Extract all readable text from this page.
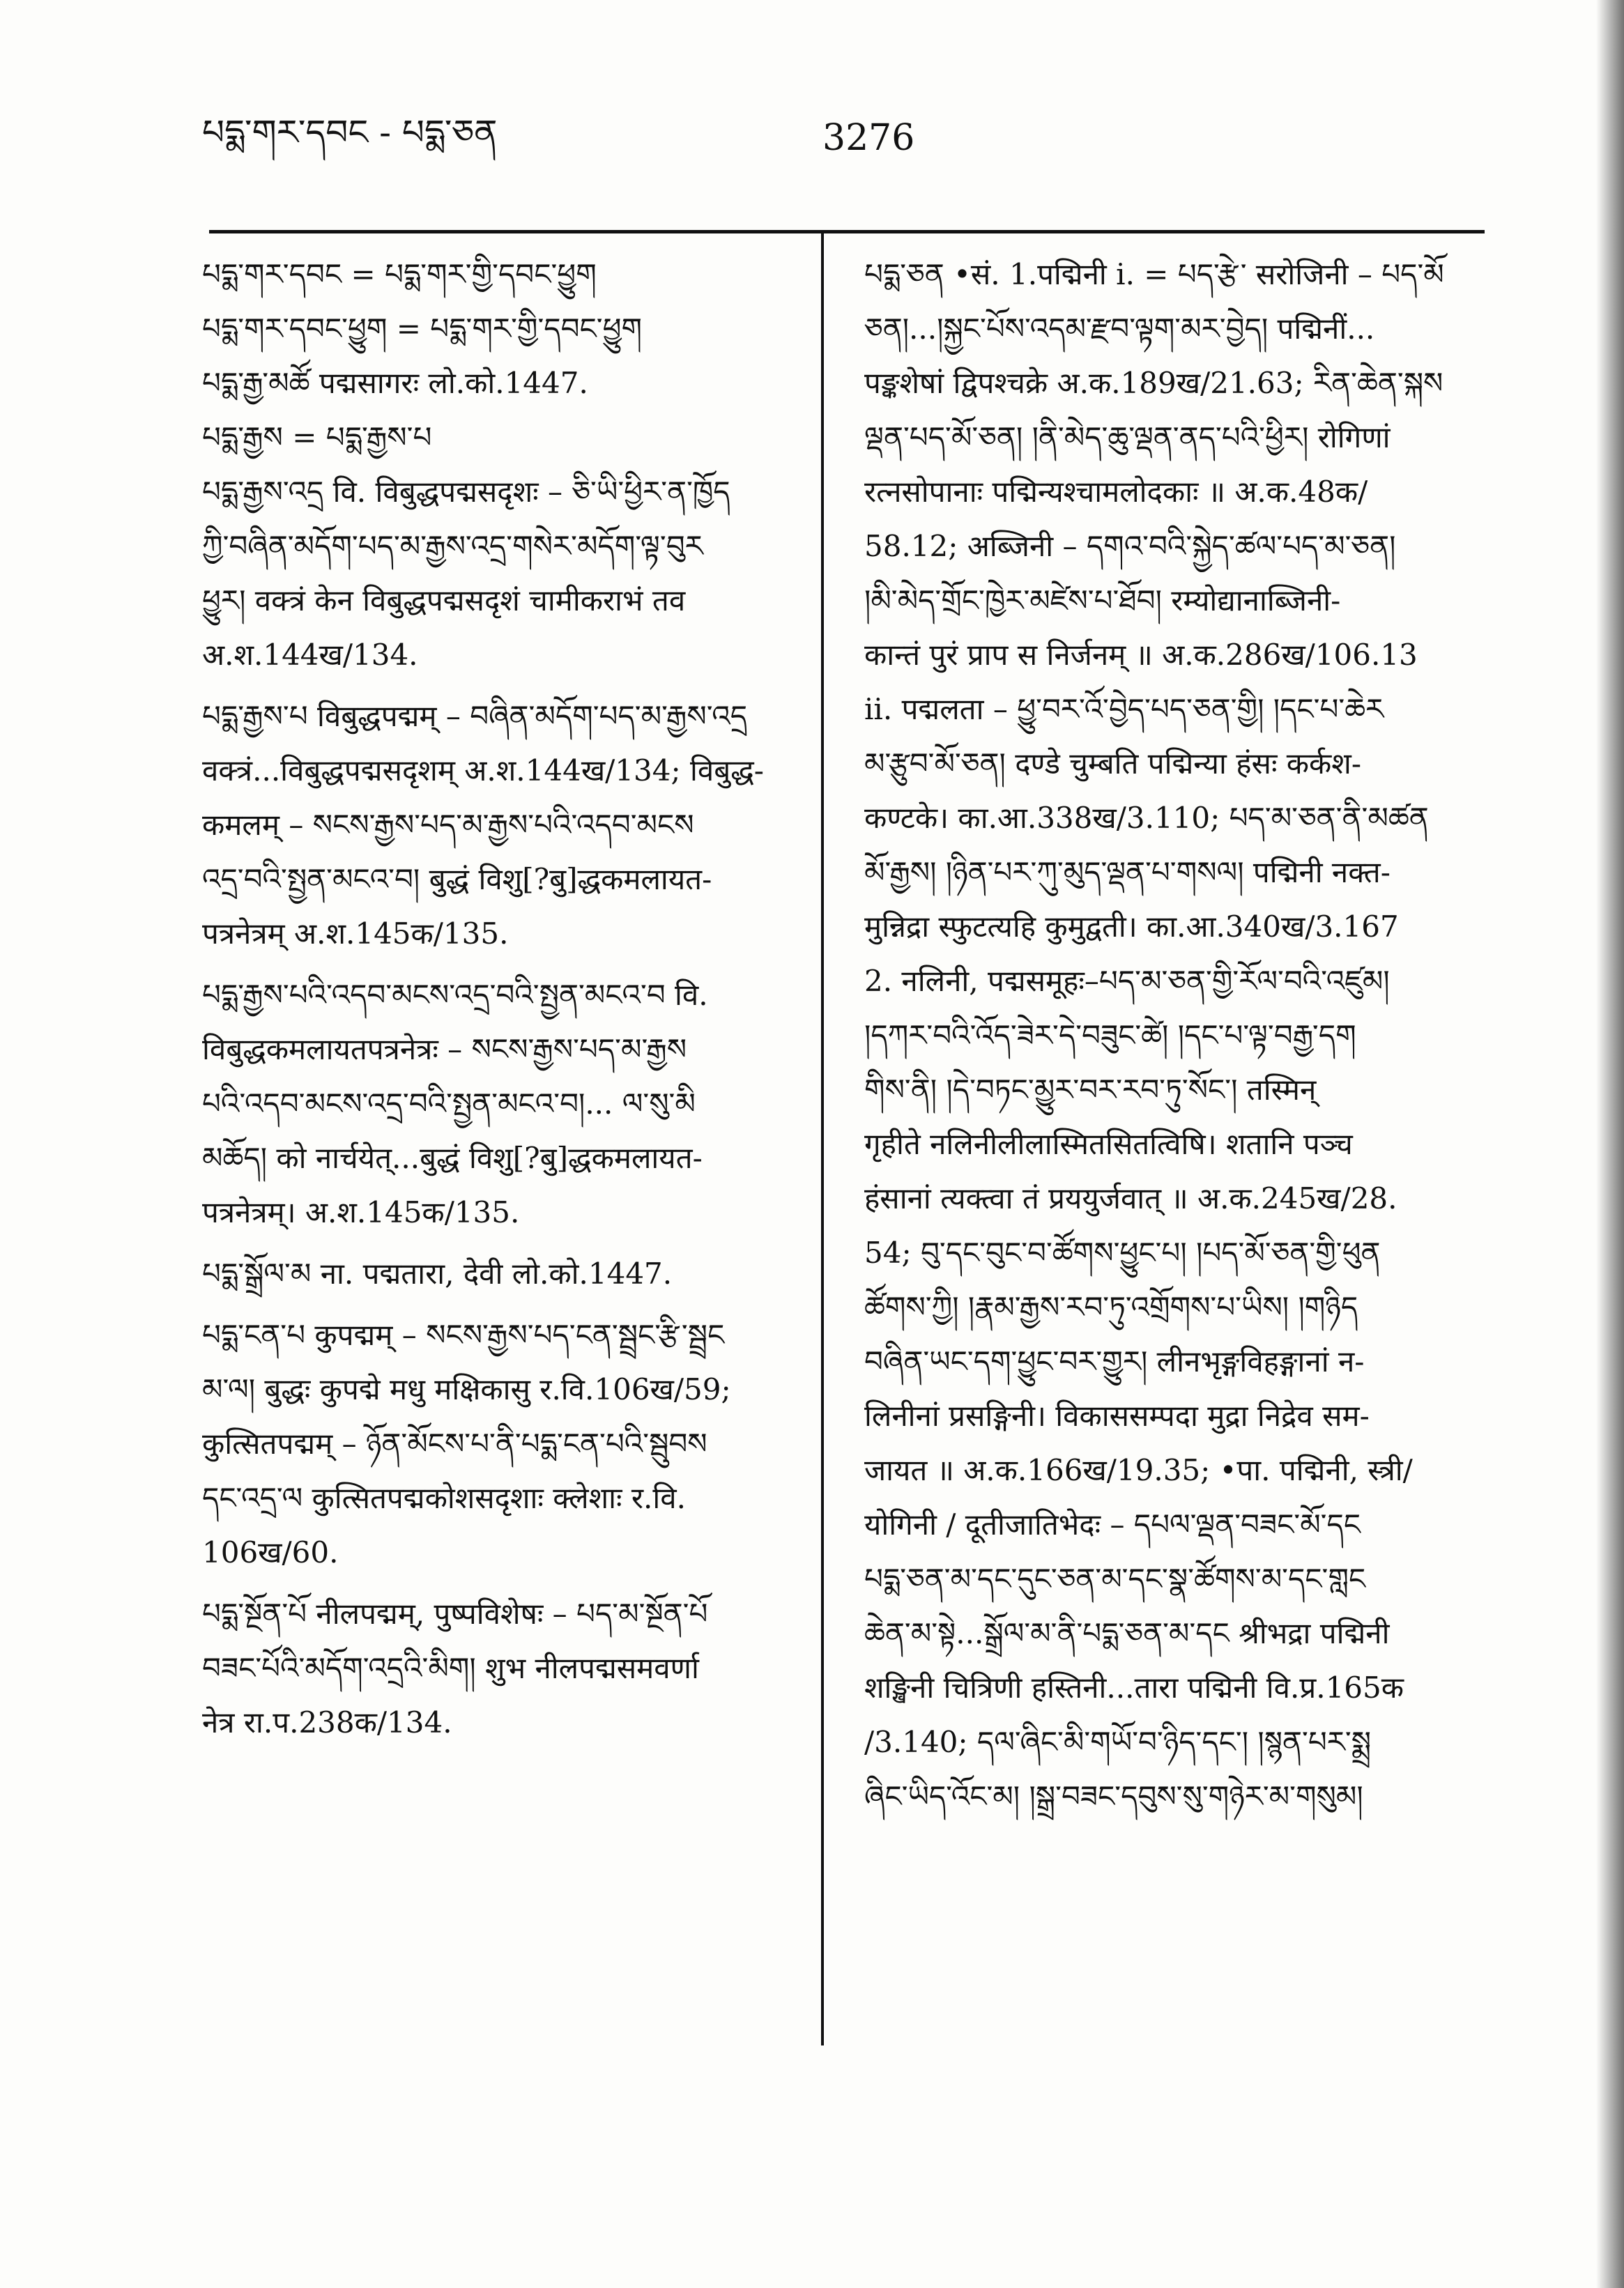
པདྨ་གར་དབང - པདྨ་ཅན	3276
པདྨ་གར་དབང = པདྨ་གར་གྱི་དབང་ཕྱུག
པདྨ་གར་དབང་ཕྱུག = པདྨ་གར་གྱི་དབང་ཕྱུག
པདྨ་རྒྱ་མཚོ पद्मसागरः लो.को.1447.
པདྨ་རྒྱས = པདྨ་རྒྱས་པ
པདྨ་རྒྱས་འདྲ वि. विबुद्धपद्मसदृशः – ཅི་ཡི་ཕྱིར་ན་ཁྱོད
ཀྱི་བཞིན་མདོག་པད་མ་རྒྱས་འདྲ་གསེར་མདོག་ལྟ་བུར
ཕྱུར། वक्त्रं केन विबुद्धपद्मसदृशं चामीकराभं तव
अ.श.144ख/134.
པདྨ་རྒྱས་པ विबुद्धपद्मम् – བཞིན་མདོག་པད་མ་རྒྱས་འདྲ
वक्त्रं...विबुद्धपद्मसदृशम् अ.श.144ख/134; विबुद्ध-
कमलम् – སངས་རྒྱས་པད་མ་རྒྱས་པའི་འདབ་མངས
འདྲ་བའི་སྤྱན་མངའ་བ། बुद्धं विशु[?बु]द्धकमलायत-
पत्रनेत्रम् अ.श.145क/135.
པདྨ་རྒྱས་པའི་འདབ་མངས་འདྲ་བའི་སྤྱན་མངའ་བ वि.
विबुद्धकमलायतपत्रनेत्रः – སངས་རྒྱས་པད་མ་རྒྱས
པའི་འདབ་མངས་འདྲ་བའི་སྤྱན་མངའ་བ།... ལ་སུ་མི
མཆོད། को नार्चयेत्...बुद्धं विशु[?बु]द्धकमलायत-
पत्रनेत्रम्। अ.श.145क/135.
པདྨ་སྒྲོལ་མ ना. पद्मतारा, देवी लो.को.1447.
པདྨ་ངན་པ कुपद्मम् – སངས་རྒྱས་པད་ངན་སྦྲང་རྩི་སྦྲང
མ་ལ། बुद्धः कुपद्मे मधु मक्षिकासु र.वि.106ख/59;
कुत्सितपद्मम् – ཉོན་མོངས་པ་ནི་པདྨ་ངན་པའི་སྦུབས
དང་འདྲ་ལ कुत्सितपद्मकोशसदृशाः क्लेशाः र.वि.
106ख/60.
པདྨ་སྔོན་པོ नीलपद्मम्, पुष्पविशेषः – པད་མ་སྔོན་པོ
བཟང་པོའི་མདོག་འདྲའི་མིག། शुभ नीलपद्मसमवर्णा
नेत्र रा.प.238क/134.
པདྨ་ཅན •सं. 1.पद्मिनी i. = པད་རྩེ་ सरोजिनी – པད་མོ
ཅན།...།སྐྱང་པོས་འདམ་རྫབ་ལྟག་མར་བྱེད། पद्मिनीं...
पङ्कशेषां द्विपश्चक्रे अ.क.189ख/21.63; རིན་ཆེན་སྐས
ལྡན་པད་མོ་ཅན། །ནི་མེད་ཆུ་ལྡན་ནད་པའི་ཕྱིར། रोगिणां
रत्नसोपानाः पद्मिन्यश्चामलोदकाः ॥ अ.क.48क/
58.12; अब्जिनी – དགའ་བའི་སྐྱེད་ཚལ་པད་མ་ཅན།
།མི་མེད་གྲོང་ཁྱེར་མཛེས་པ་ཐོབ། रम्योद्यानाब्जिनी-
कान्तं पुरं प्राप स निर्जनम् ॥ अ.क.286ख/106.13
ii. पद्मलता – ཕྱུ་བར་འོ་བྱེད་པད་ཅན་གྱི། །དང་པ་ཆེར
མ་རྩུབ་མོ་ཅན། दण्डे चुम्बति पद्मिन्या हंसः कर्कश-
कण्टके। का.आ.338ख/3.110; པད་མ་ཅན་ནི་མཚན
མོ་རྒྱས། །ཉིན་པར་ཀུ་མུད་ལྡན་པ་གསལ། पद्मिनी नक्त-
मुन्निद्रा स्फुटत्यहि कुमुद्वती। का.आ.340ख/3.167
2. नलिनी, पद्मसमूहः–པད་མ་ཅན་གྱི་རོལ་བའི་འཛུམ།
།དཀར་བའི་འོད་ཟེར་དེ་བཟུང་ཚེ། །དང་པ་ལྟ་བརྒྱ་དག
གིས་ནི། །དེ་བཏང་མྱུར་བར་རབ་ཏུ་སོང་། तस्मिन्
गृहीते नलिनीलीलास्मितसितत्विषि। शतानि पञ्च
हंसानां त्यक्त्वा तं प्रययुर्जवात् ॥ अ.क.245ख/28.
54; བུ་དང་བུང་བ་ཚོགས་ཕྱུང་པ། །པད་མོ་ཅན་གྱི་ཕུན
ཚོགས་ཀྱི། །རྣམ་རྒྱས་རབ་ཏུ་འགྲོགས་པ་ཡིས། །གཉིད
བཞིན་ཡང་དག་ཕྱུང་བར་གྱུར། लीनभृङ्गविहङ्गानां न-
लिनीनां प्रसङ्गिनी। विकाससम्पदा मुद्रा निद्रेव सम-
जायत ॥ अ.क.166ख/19.35; •पा. पद्मिनी, स्त्री/
योगिनी / दूतीजातिभेदः – དཔལ་ལྡན་བཟང་མོ་དང
པདྨ་ཅན་མ་དང་དུང་ཅན་མ་དང་སྣ་ཚོགས་མ་དང་གླང
ཆེན་མ་སྟེ...སྒྲོལ་མ་ནི་པདྨ་ཅན་མ་དང श्रीभद्रा पद्मिनी
शङ्खिनी चित्रिणी हस्तिनी...तारा पद्मिनी वि.प्र.165क
/3.140; དལ་ཞིང་མི་གཡོ་བ་ཉིད་དང་། །སྙན་པར་སྨྲ
ཞིང་ཡིད་འོང་མ། །སྒྲ་བཟང་དབུས་སུ་གཉེར་མ་གསུམ།
